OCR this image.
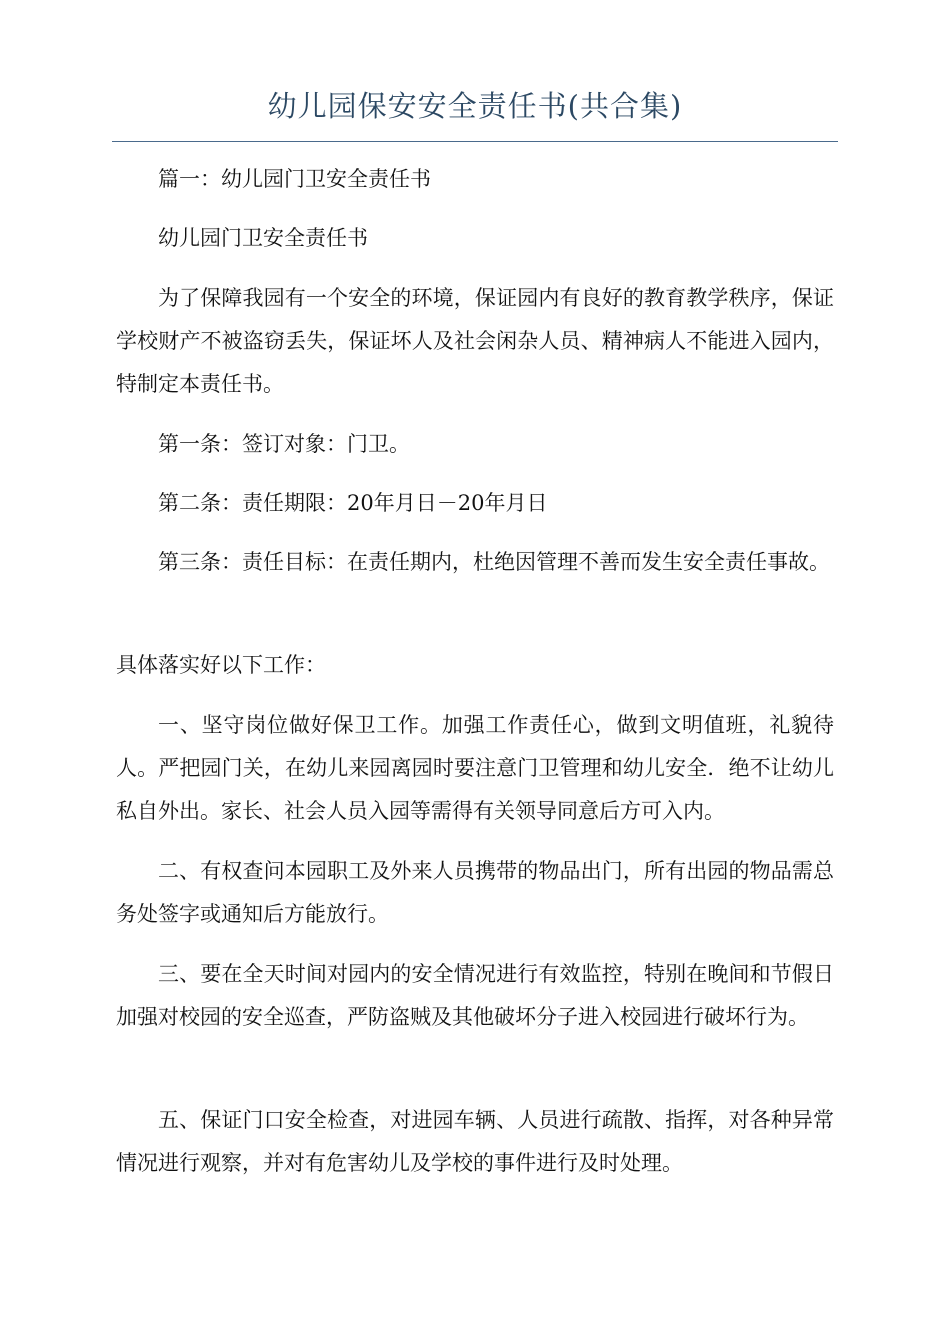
幼儿园保安安全责任书(共合集)

篇一：幼儿园门卫安全责任书

幼儿园门卫安全责任书

为了保障我园有一个安全的环境，保证园内有良好的教育教学秩序，保证学校财产不被盗窃丢失，保证坏人及社会闲杂人员、精神病人不能进入园内，特制定本责任书。

第一条：签订对象：门卫。

第二条：责任期限：20年月日－20年月日

第三条：责任目标：在责任期内，杜绝因管理不善而发生安全责任事故。

具体落实好以下工作：

一、坚守岗位做好保卫工作。加强工作责任心，做到文明值班，礼貌待人。严把园门关，在幼儿来园离园时要注意门卫管理和幼儿安全．绝不让幼儿私自外出。家长、社会人员入园等需得有关领导同意后方可入内。

二、有权查问本园职工及外来人员携带的物品出门，所有出园的物品需总务处签字或通知后方能放行。

三、要在全天时间对园内的安全情况进行有效监控，特别在晚间和节假日加强对校园的安全巡查，严防盗贼及其他破坏分子进入校园进行破坏行为。

五、保证门口安全检查，对进园车辆、人员进行疏散、指挥，对各种异常情况进行观察，并对有危害幼儿及学校的事件进行及时处理。
